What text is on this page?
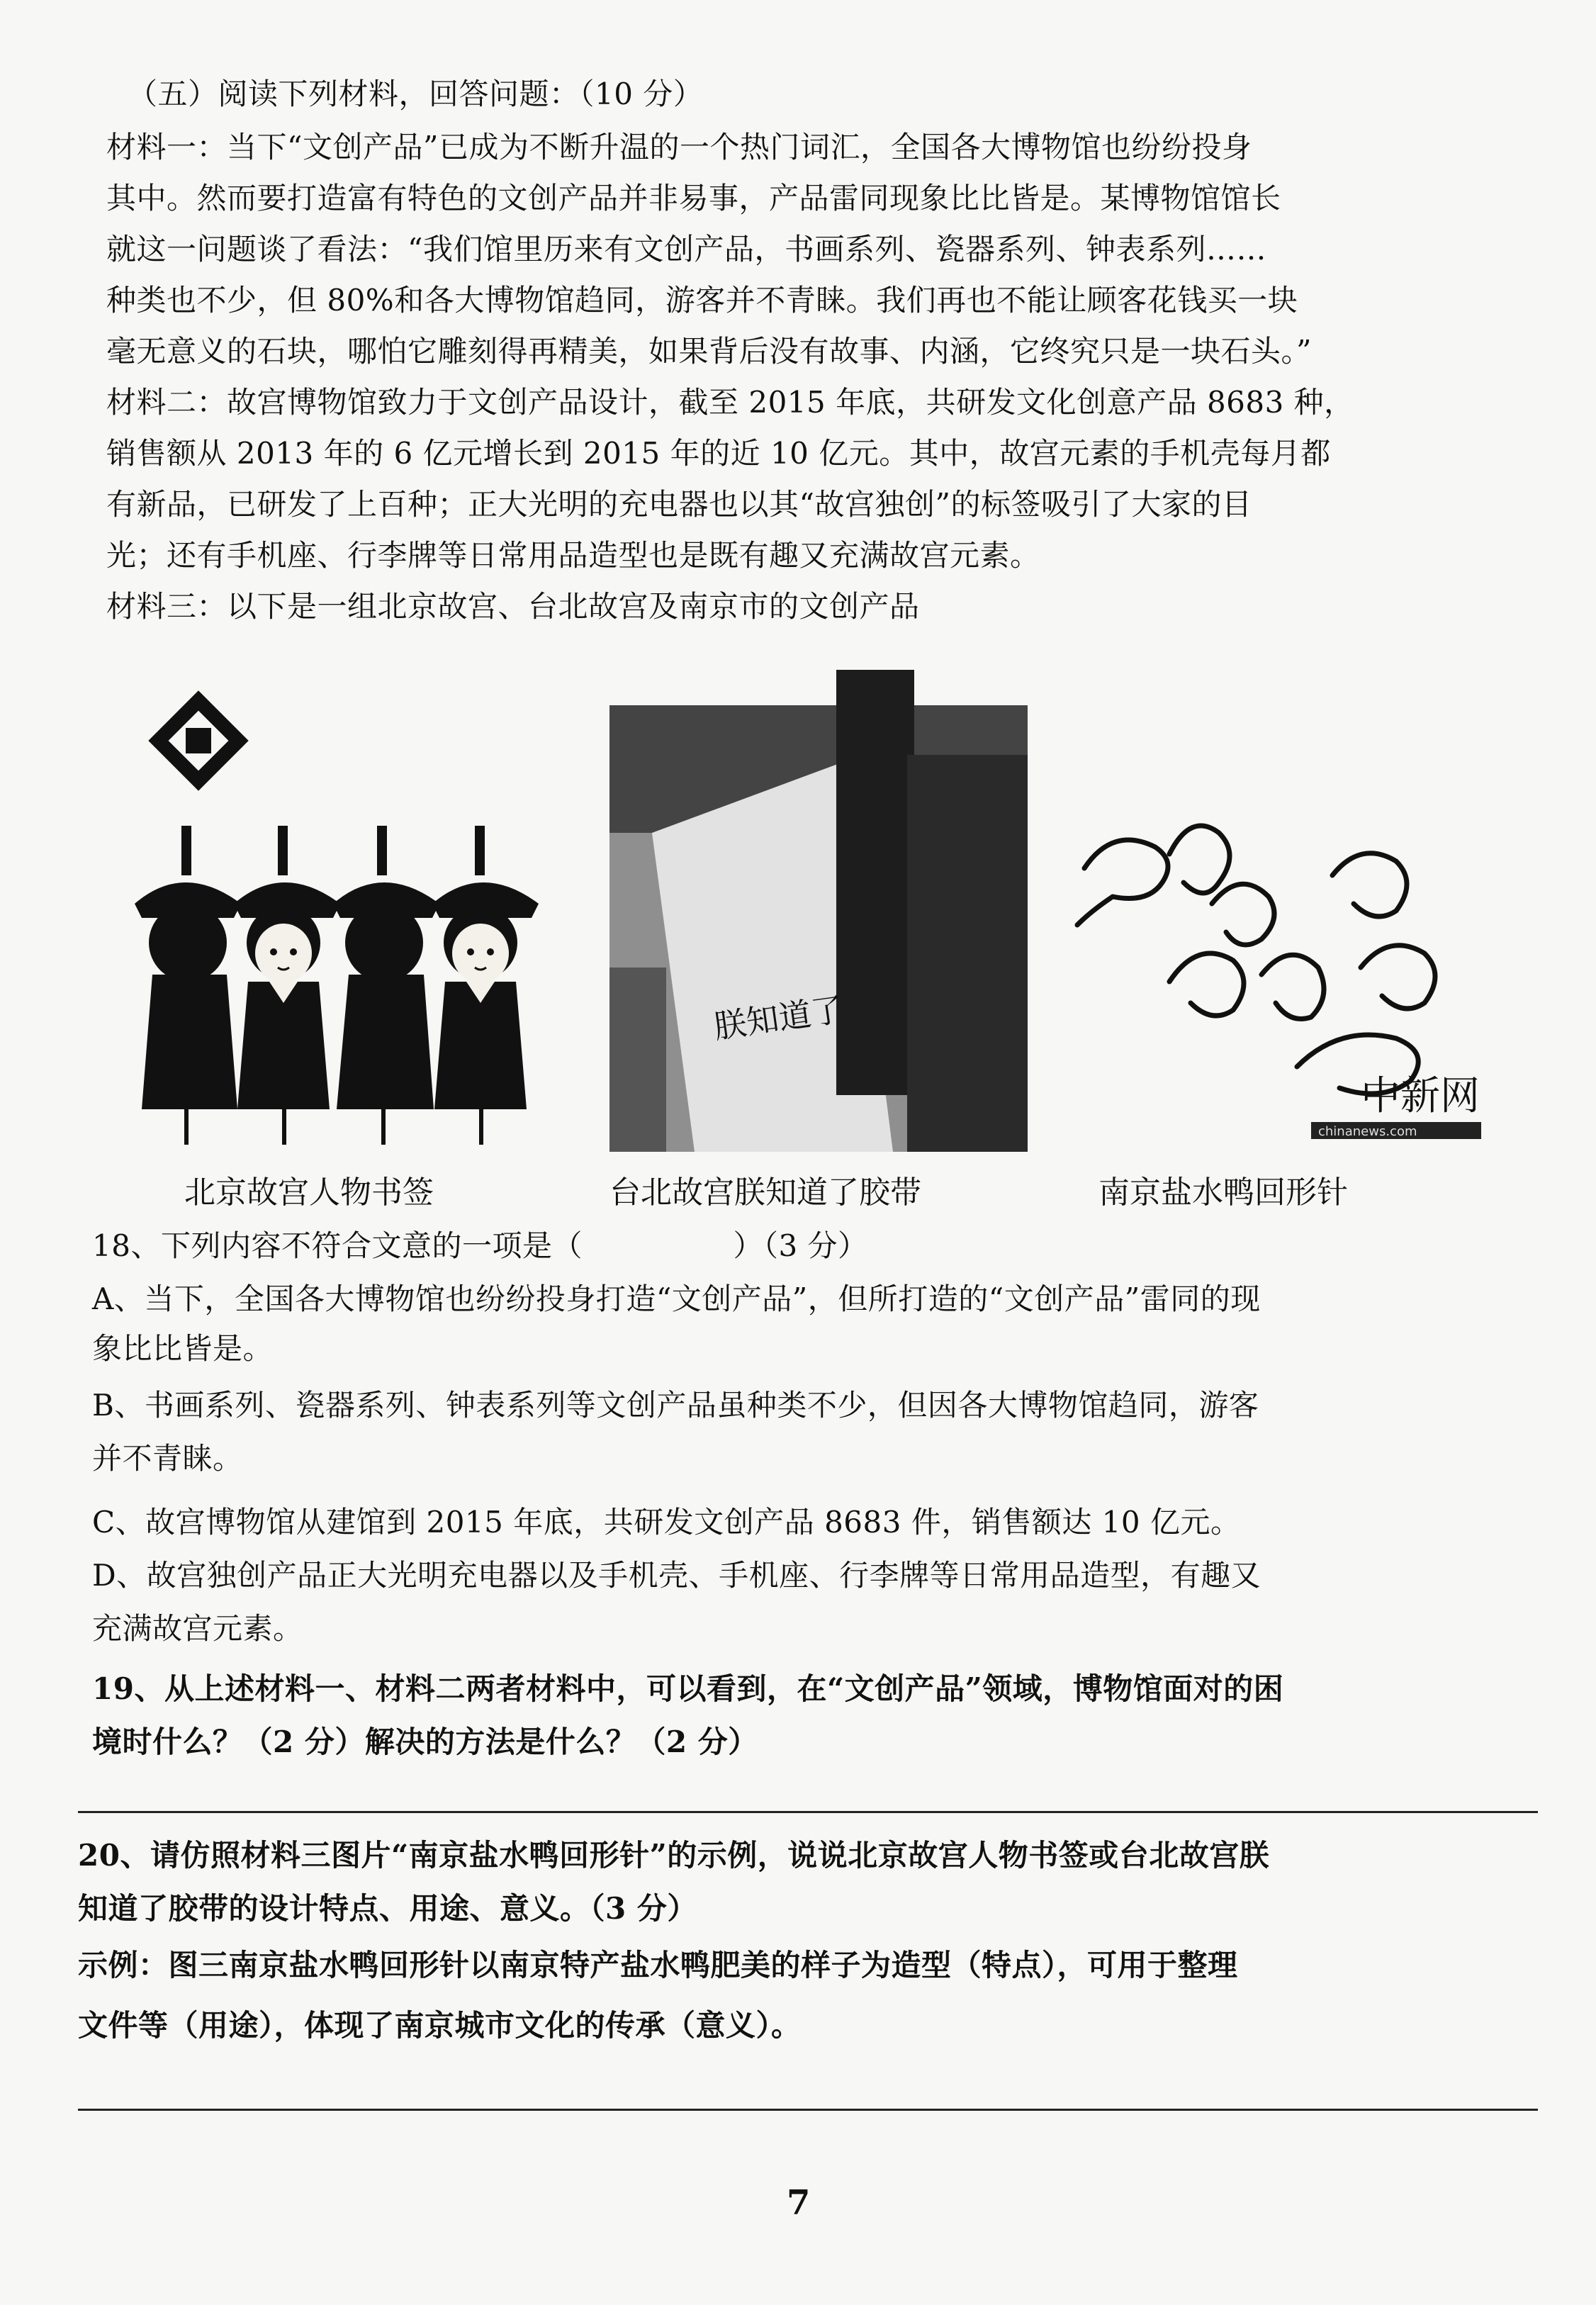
（五）阅读下列材料，回答问题：（10 分）
材料一：当下“文创产品”已成为不断升温的一个热门词汇，全国各大博物馆也纷纷投身
其中。然而要打造富有特色的文创产品并非易事，产品雷同现象比比皆是。某博物馆馆长
就这一问题谈了看法：“我们馆里历来有文创产品，书画系列、瓷器系列、钟表系列……
种类也不少，但 80%和各大博物馆趋同，游客并不青睐。我们再也不能让顾客花钱买一块
毫无意义的石块，哪怕它雕刻得再精美，如果背后没有故事、内涵，它终究只是一块石头。”
材料二：故宫博物馆致力于文创产品设计，截至 2015 年底，共研发文化创意产品 8683 种，
销售额从 2013 年的 6 亿元增长到 2015 年的近 10 亿元。其中，故宫元素的手机壳每月都
有新品，已研发了上百种；正大光明的充电器也以其“故宫独创”的标签吸引了大家的目
光；还有手机座、行李牌等日常用品造型也是既有趣又充满故宫元素。
材料三：以下是一组北京故宫、台北故宫及南京市的文创产品
朕知道了
中新网
chinanews.com
北京故宫人物书签	台北故宫朕知道了胶带	南京盐水鸭回形针
18、下列内容不符合文意的一项是（　　　　　）（3 分）
A、当下，全国各大博物馆也纷纷投身打造“文创产品”，但所打造的“文创产品”雷同的现
象比比皆是。
B、书画系列、瓷器系列、钟表系列等文创产品虽种类不少，但因各大博物馆趋同，游客
并不青睐。
C、故宫博物馆从建馆到 2015 年底，共研发文创产品 8683 件，销售额达 10 亿元。
D、故宫独创产品正大光明充电器以及手机壳、手机座、行李牌等日常用品造型，有趣又
充满故宫元素。
19、从上述材料一、材料二两者材料中，可以看到，在“文创产品”领域，博物馆面对的困
境时什么？（2 分）解决的方法是什么？（2 分）
20、请仿照材料三图片“南京盐水鸭回形针”的示例，说说北京故宫人物书签或台北故宫朕
知道了胶带的设计特点、用途、意义。（3 分）
示例：图三南京盐水鸭回形针以南京特产盐水鸭肥美的样子为造型（特点），可用于整理
文件等（用途），体现了南京城市文化的传承（意义）。
7
